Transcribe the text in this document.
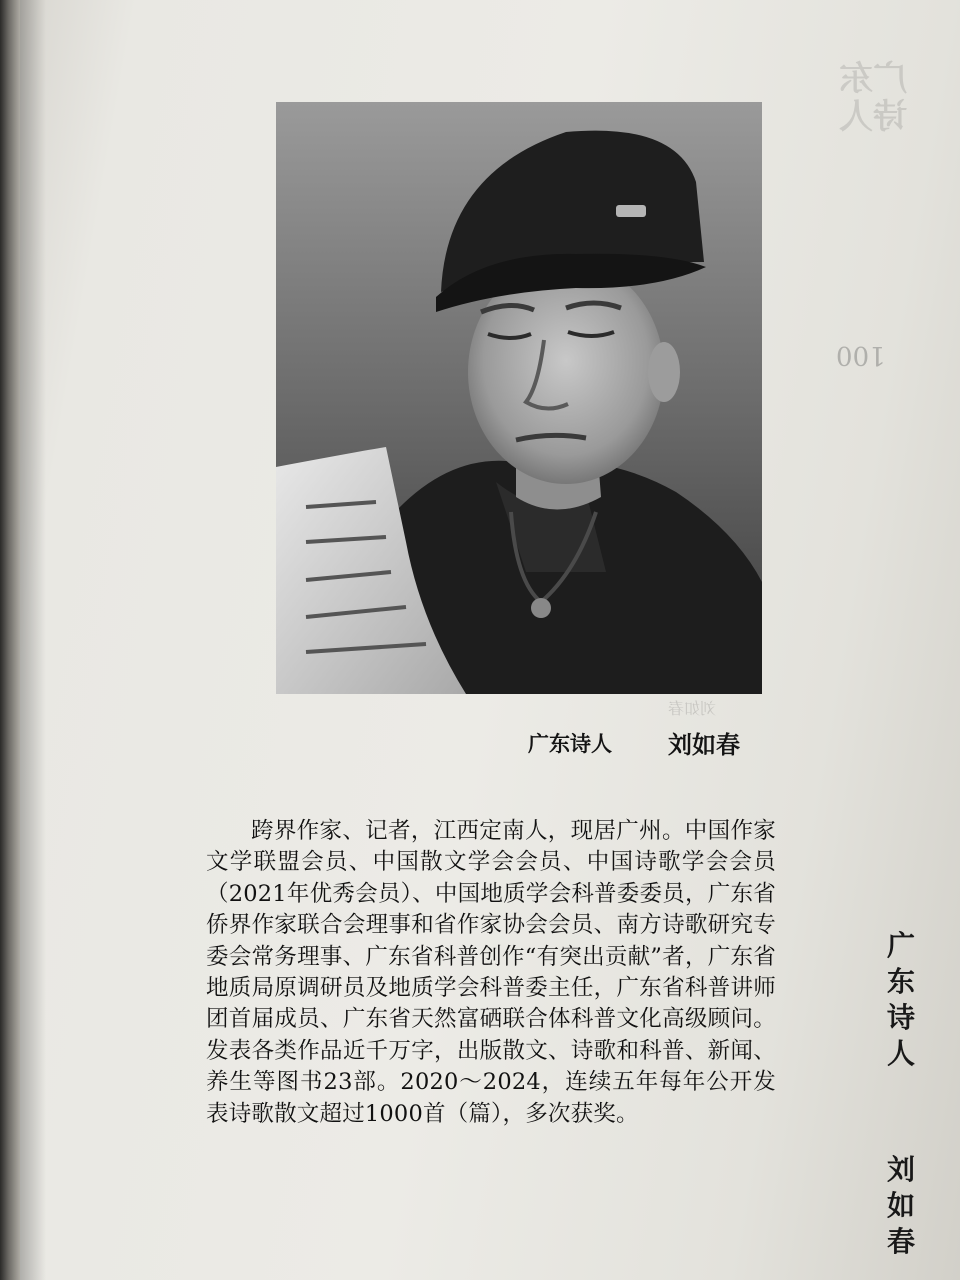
广东诗人
100
刘如春
广东诗人 刘如春
跨界作家、记者，江西定南人，现居广州。中国作家文学联盟会员、中国散文学会会员、中国诗歌学会会员（2021年优秀会员）、中国地质学会科普委委员，广东省侨界作家联合会理事和省作家协会会员、南方诗歌研究专委会常务理事、广东省科普创作“有突出贡献”者，广东省地质局原调研员及地质学会科普委主任，广东省科普讲师团首届成员、广东省天然富硒联合体科普文化高级顾问。发表各类作品近千万字，出版散文、诗歌和科普、新闻、养生等图书23部。2020～2024，连续五年每年公开发表诗歌散文超过1000首（篇），多次获奖。
广
东
诗
人
刘
如
春
